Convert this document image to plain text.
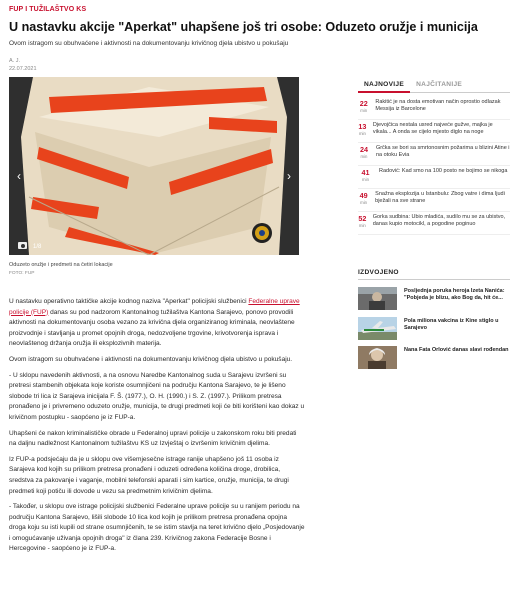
FUP I TUŽILAŠTVO KS
U nastavku akcije "Aperkat" uhapšene još tri osobe: Oduzeto oružje i municija
Ovom istragom su obuhvaćene i aktivnosti na dokumentovanju krivičnog djela ubistvo u pokušaju
A. J.
22.07.2021
‹	›
1/8
Oduzeto oružje i predmeti na četiri lokacije
FOTO: FUP

U nastavku operativno taktičke akcije kodnog naziva "Aperkat" policijski službenici Federalne uprave policije (FUP) danas su pod nadzorom Kantonalnog tužilaštva Kantona Sarajevo, ponovo provodili aktivnosti na dokumentovanju osoba vezano za krivična djela organiziranog kriminala, neovlaštene proizvodnje i stavljanja u promet opojnih droga, nedozvoljene trgovine, krivotvorenja isprava i neovlaštenog držanja oružja ili eksplozivnih materija.

Ovom istragom su obuhvaćene i aktivnosti na dokumentovanju krivičnog djela ubistvo u pokušaju.

- U sklopu navedenih aktivnosti, a na osnovu Naredbe Kantonalnog suda u Sarajevu izvršeni su pretresi stambenih objekata koje koriste osumnjičeni na području Kantona Sarajevo, te je lišeno slobode tri lica iz Sarajeva inicijala F. Š. (1977.), O. H. (1990.) i S. Z. (1997.). Prilikom pretresa pronađeno je i privremeno oduzeto oružje, municija, te drugi predmeti koji će biti korišteni kao dokaz u krivičnom postupku - saopćeno je iz FUP-a.

Uhapšeni će nakon kriminalističke obrade u Federalnoj upravi policije u zakonskom roku biti predati na daljnu nadležnost Kantonalnom tužilaštvu KS uz Izvještaj o izvršenim krivičnim djelima.

Iz FUP-a podsjećaju da je u sklopu ove višemjesečne istrage ranije uhapšeno još 11 osoba iz Sarajeva kod kojih su prilikom pretresa pronađeni i oduzeti određena količina droge, drobilica, sredstva za pakovanje i vaganje, mobilni telefonski aparati i sim kartice, oružje, municija, te drugi predmeti koji potiču ili dovode u vezu sa predmetnim krivičnim djelima.

- Također, u sklopu ove istrage policijski službenici Federalne uprave policije su u ranijem periodu na području Kantona Sarajevo, lišili slobode 10 lica kod kojih je prilikom pretresa pronađena opojna droga koju su isti kupili od strane osumnjičenih, te se istim stavlja na teret krivično djelo „Posjedovanje i omogućavanje uživanja opojnih droga" iz člana 239. Krivičnog zakona Federacije Bosne i Hercegovine - saopćeno je iz FUP-a.

NAJNOVIJE	NAJČITANIJE
22
min
Rakitić je na dosta emotivan način oprostio odlazak Messija iz Barcelone
13
min
Djevojčica nestala usred najveće gužve, majka je vikala... A onda se cijelo mjesto diglo na noge
24
min
Grčka se bori sa smrtonosnim požarima u blizini Atine i na otoku Evia
41
min
Radović: Kad smo na 100 posto ne bojimo se nikoga
49
min
Snažna eksplozija u Istanbulu: Zbog vatre i dima ljudi bježali na sve strane
52
min
Gorka sudbina: Ubio mladića, sudilo mu se za ubistvo, danas kupio motocikl, a pogodine poginuo
IZDVOJENO
Posljednja poruka heroja Izeta Nanića: "Pobjeda je blizu, ako Bog da, hit će...
Pola miliona vakcina iz Kine stiglo u Sarajevo
Nana Fata Orlović danas slavi rođendan
